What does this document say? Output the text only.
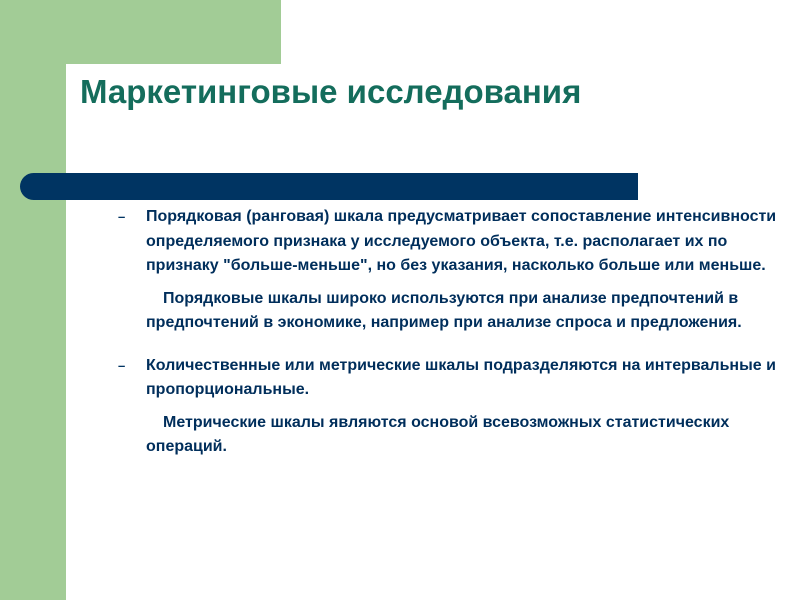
Маркетинговые исследования
– Порядковая (ранговая) шкала предусматривает сопоставление интенсивности определяемого признака у исследуемого объекта, т.е. располагает их по признаку "больше-меньше", но без указания, насколько больше или меньше.

Порядковые шкалы широко используются при анализе предпочтений в предпочтений в экономике, например при анализе спроса и предложения.

– Количественные или метрические шкалы подразделяются на интервальные и пропорциональные.

Метрические шкалы являются основой всевозможных статистических операций.
